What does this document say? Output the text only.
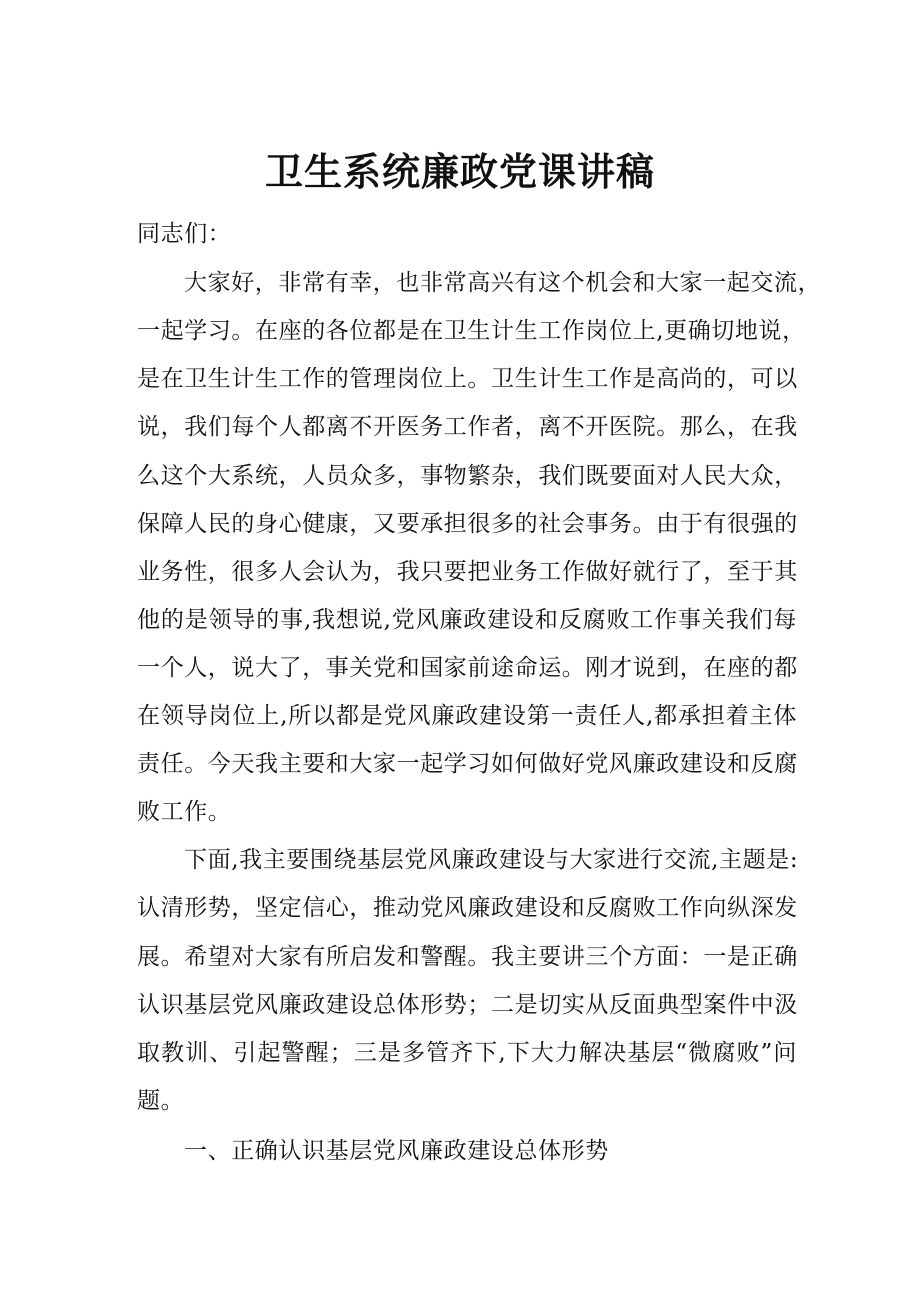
卫生系统廉政党课讲稿
同志们：
大家好，非常有幸，也非常高兴有这个机会和大家一起交流，
一起学习。在座的各位都是在卫生计生工作岗位上,更确切地说，
是在卫生计生工作的管理岗位上。卫生计生工作是高尚的，可以
说，我们每个人都离不开医务工作者，离不开医院。那么，在我
么这个大系统，人员众多，事物繁杂，我们既要面对人民大众，
保障人民的身心健康，又要承担很多的社会事务。由于有很强的
业务性，很多人会认为，我只要把业务工作做好就行了，至于其
他的是领导的事,我想说,党风廉政建设和反腐败工作事关我们每
一个人，说大了，事关党和国家前途命运。刚才说到，在座的都
在领导岗位上,所以都是党风廉政建设第一责任人,都承担着主体
责任。今天我主要和大家一起学习如何做好党风廉政建设和反腐
败工作。
下面,我主要围绕基层党风廉政建设与大家进行交流,主题是:
认清形势，坚定信心，推动党风廉政建设和反腐败工作向纵深发
展。希望对大家有所启发和警醒。我主要讲三个方面：一是正确
认识基层党风廉政建设总体形势；二是切实从反面典型案件中汲
取教训、引起警醒；三是多管齐下,下大力解决基层“微腐败”问
题。
一、正确认识基层党风廉政建设总体形势
